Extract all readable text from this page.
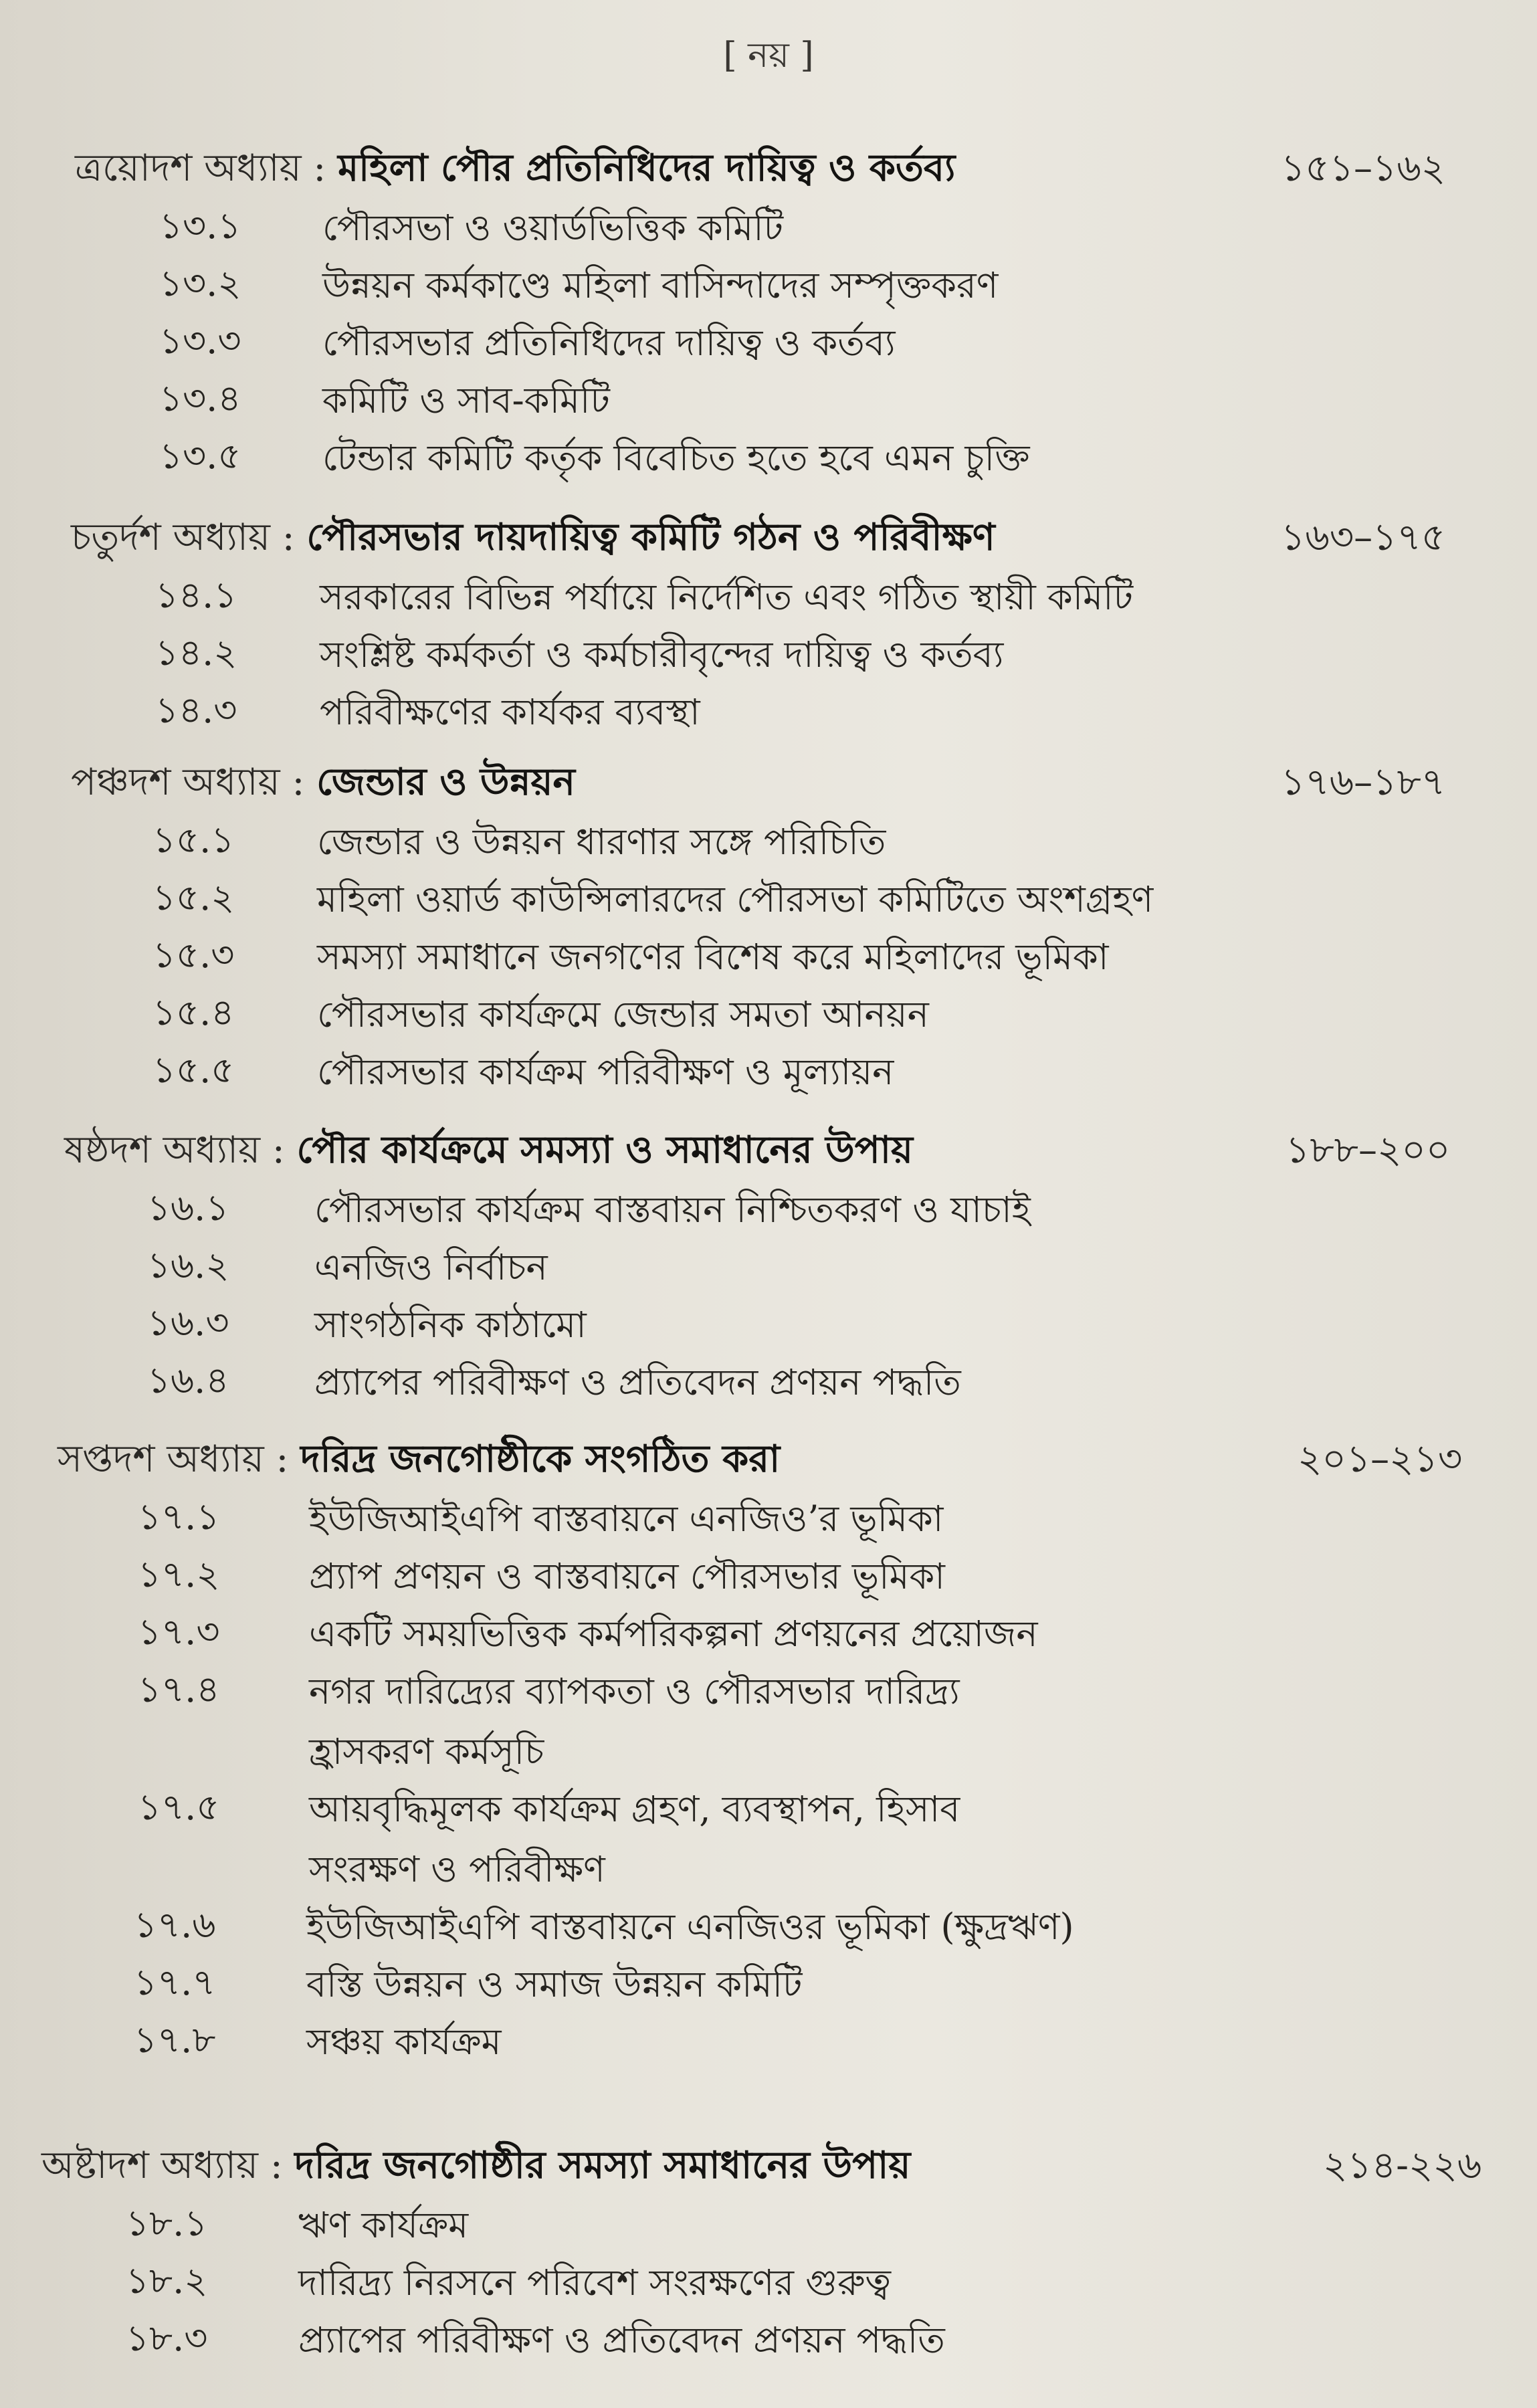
[ নয় ]
ত্রয়োদশ অধ্যায় : মহিলা পৌর প্রতিনিধিদের দায়িত্ব ও কর্তব্য	১৫১–১৬২
১৩.১ পৌরসভা ও ওয়ার্ডভিত্তিক কমিটি
১৩.২ উন্নয়ন কর্মকাণ্ডে মহিলা বাসিন্দাদের সম্পৃক্তকরণ
১৩.৩ পৌরসভার প্রতিনিধিদের দায়িত্ব ও কর্তব্য
১৩.৪ কমিটি ও সাব-কমিটি
১৩.৫ টেন্ডার কমিটি কর্তৃক বিবেচিত হতে হবে এমন চুক্তি
চতুর্দশ অধ্যায় : পৌরসভার দায়দায়িত্ব কমিটি গঠন ও পরিবীক্ষণ	১৬৩–১৭৫
১৪.১ সরকারের বিভিন্ন পর্যায়ে নির্দেশিত এবং গঠিত স্থায়ী কমিটি
১৪.২ সংশ্লিষ্ট কর্মকর্তা ও কর্মচারীবৃন্দের দায়িত্ব ও কর্তব্য
১৪.৩ পরিবীক্ষণের কার্যকর ব্যবস্থা
পঞ্চদশ অধ্যায় : জেন্ডার ও উন্নয়ন	১৭৬–১৮৭
১৫.১ জেন্ডার ও উন্নয়ন ধারণার সঙ্গে পরিচিতি
১৫.২ মহিলা ওয়ার্ড কাউন্সিলারদের পৌরসভা কমিটিতে অংশগ্রহণ
১৫.৩ সমস্যা সমাধানে জনগণের বিশেষ করে মহিলাদের ভূমিকা
১৫.৪ পৌরসভার কার্যক্রমে জেন্ডার সমতা আনয়ন
১৫.৫ পৌরসভার কার্যক্রম পরিবীক্ষণ ও মূল্যায়ন
ষষ্ঠদশ অধ্যায় : পৌর কার্যক্রমে সমস্যা ও সমাধানের উপায়	১৮৮–২০০
১৬.১ পৌরসভার কার্যক্রম বাস্তবায়ন নিশ্চিতকরণ ও যাচাই
১৬.২ এনজিও নির্বাচন
১৬.৩ সাংগঠনিক কাঠামো
১৬.৪ প্র্যাপের পরিবীক্ষণ ও প্রতিবেদন প্রণয়ন পদ্ধতি
সপ্তদশ অধ্যায় : দরিদ্র জনগোষ্ঠীকে সংগঠিত করা	২০১–২১৩
১৭.১ ইউজিআইএপি বাস্তবায়নে এনজিও’র ভূমিকা
১৭.২ প্র্যাপ প্রণয়ন ও বাস্তবায়নে পৌরসভার ভূমিকা
১৭.৩ একটি সময়ভিত্তিক কর্মপরিকল্পনা প্রণয়নের প্রয়োজন
১৭.৪ নগর দারিদ্র্যের ব্যাপকতা ও পৌরসভার দারিদ্র্য হ্রাসকরণ কর্মসূচি
১৭.৫ আয়বৃদ্ধিমূলক কার্যক্রম গ্রহণ, ব্যবস্থাপন, হিসাব সংরক্ষণ ও পরিবীক্ষণ
১৭.৬	ইউজিআইএপি বাস্তবায়নে এনজিওর ভূমিকা (ক্ষুদ্রঋণ)
১৭.৭	বস্তি উন্নয়ন ও সমাজ উন্নয়ন কমিটি
১৭.৮	সঞ্চয় কার্যক্রম
অষ্টাদশ অধ্যায় : দরিদ্র জনগোষ্ঠীর সমস্যা সমাধানের উপায়	২১৪-২২৬
১৮.১	ঋণ কার্যক্রম
১৮.২	দারিদ্র্য নিরসনে পরিবেশ সংরক্ষণের গুরুত্ব
১৮.৩	প্র্যাপের পরিবীক্ষণ ও প্রতিবেদন প্রণয়ন পদ্ধতি
